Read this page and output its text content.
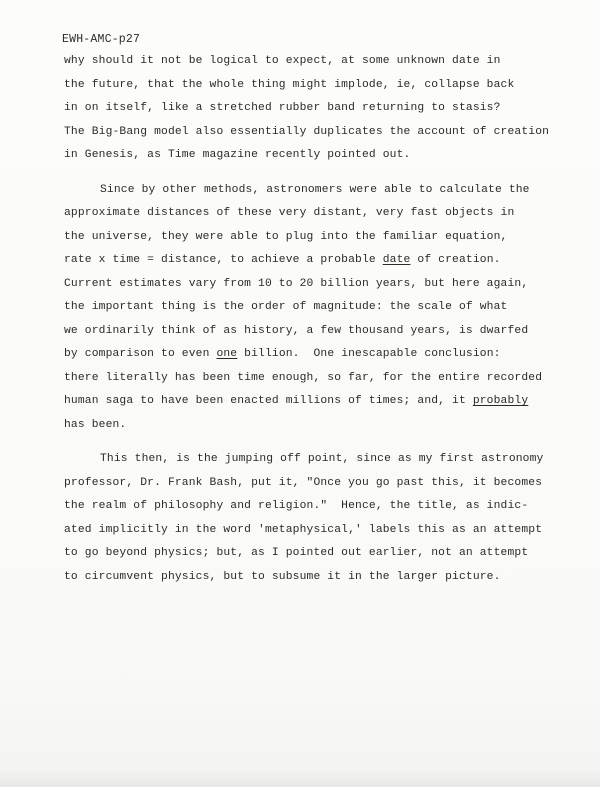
EWH-AMC-p27
why should it not be logical to expect, at some unknown date in
the future, that the whole thing might implode, ie, collapse back
in on itself, like a stretched rubber band returning to stasis?
The Big-Bang model also essentially duplicates the account of creation
in Genesis, as Time magazine recently pointed out.
Since by other methods, astronomers were able to calculate the
approximate distances of these very distant, very fast objects in
the universe, they were able to plug into the familiar equation,
rate x time = distance, to achieve a probable date of creation.
Current estimates vary from 10 to 20 billion years, but here again,
the important thing is the order of magnitude: the scale of what
we ordinarily think of as history, a few thousand years, is dwarfed
by comparison to even one billion.  One inescapable conclusion:
there literally has been time enough, so far, for the entire recorded
human saga to have been enacted millions of times; and, it probably
has been.
This then, is the jumping off point, since as my first astronomy
professor, Dr. Frank Bash, put it, "Once you go past this, it becomes
the realm of philosophy and religion."  Hence, the title, as indic-
ated implicitly in the word 'metaphysical,' labels this as an attempt
to go beyond physics; but, as I pointed out earlier, not an attempt
to circumvent physics, but to subsume it in the larger picture.
